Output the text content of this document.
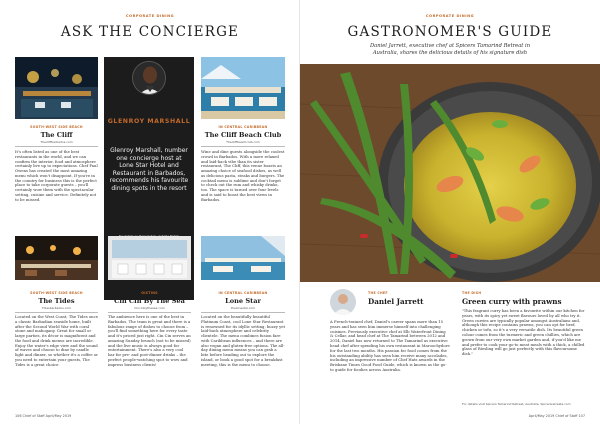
CORPORATE DINING
ASK THE CONCIERGE
SOUTH-WEST SIDE BEACH
The Cliff
Thecliffbarbados.com
It's often listed as one of the best restaurants in the world, and we can confirm the interior, food and atmosphere certainly live up to expectations. Chef Paul Owens has created the most amazing menu which won't disappoint. If you're in the country for business this is the perfect place to take corporate guests – you'll certainly wow them with the spectacular setting, cuisine and service. Definitely not to be missed.
GLENROY MARSHALL
Glenroy Marshall, number one concierge host at Lone Star Hotel and Restaurant in Barbados, recommends his favourite dining spots in the resort
IN CENTRAL CARIBBEAN
The Cliff Beach Club
Thecliffbeachclub.com
Wine and dine guests alongside the coolest crowd in Barbados. With a more relaxed and laid-back vibe than its sister restaurant, The Cliff, this venue boasts an amazing choice of seafood dishes, as well as delicious pasta, steaks and burgers. The cocktail menu is sublime and don't forget to check out the rum and whisky drinks, too. The space is turned over four levels and is said to boast the best views in Barbados.
SOUTH-WEST SIDE BEACH
The Tides
Tidesbarbados.com
Located on the West Coast, The Tides once a classic Barbadian seaside home, built after the Second World War with coral stone and mahogany. Great for small or large parties, its décor is magnificent and the food and drink menus are incredible. Enjoy the water's edge view and the sound of waves and choose to dine by candle light and dinner, so whether it's a coffee or you need to entertain your guests, The Tides is a great choice.
OISTINS
Cin Cin By The Sea
Cincinbythesea.com
The ambience here is one of the best in Barbados. The team is great and there is a fabulous range of dishes to choose from – you'll find something here for every taste and it's priced just right. Cin Cin serves an amazing Sunday brunch (not to be missed) and the live music is always good for entertainment. There's also a very cool bar for pre- and post-dinner drinks – the perfect people-watching spot to wow and impress business clients!
IN CENTRAL CARIBBEAN
Lone Star
thelonestar.com
Located on the beautifully beautiful Platinum Coast, cool Lone Star Restaurant is renowned for its idyllic setting, buzzy yet laid-back atmosphere and celebrity clientele. The menu combines fusion fare with Caribbean influences – and there are also vegan and gluten-free options. The all-day dining menu means you can grab a bite before heading out to explore the island, or book a good spot for a breakfast meeting, this is the menu to choose.
106 Chief of Staff April/May 2019
CORPORATE DINING
GASTRONOMER'S GUIDE
Daniel Jarrett, executive chef at Spicers Tamarind Retreat in Australia, shares the delicious details of his signature dish
THE CHEF
Daniel Jarrett
A French-trained chef, Daniel's career spans more than 15 years and has seen him immerse himself into challenging cuisines. Previously executive chef at Elb Waterfront Dining & Cellar, and head chef at The Tamarind between 2012 and 2014, Daniel has now returned to The Tamarind as executive head chef after spending his own restaurant in Maroochydore for the last two months. His passion for food comes from the his outstanding ability has seen him receive many accolades, including an impressive number of Chef Hats awards in the Brisbane Times Good Food Guide, which is known as the go-to guide for foodies across Australia.
THE DISH
Green curry with prawns
"This fragrant curry has been a favourite within our kitchen for years, with its spicy yet sweet flavours loved by all who try it. Green curries are typically popular amongst Australians and, although this recipe contains prawns, you can opt for beef, chicken or tofu, so it's a very versatile dish. Its beautiful green colour comes from the turmeric and green chillies, which are grown from our very own market garden and, if you'd like me and prefer to cook your go-to meat meals with a thick, a chilled glass of Riesling will go just perfectly with this flavoursome dish."
For details visit Spicers Tamarind Retreat, Australia, Spicersretreats.com
April/May 2019 Chief of Staff 107
